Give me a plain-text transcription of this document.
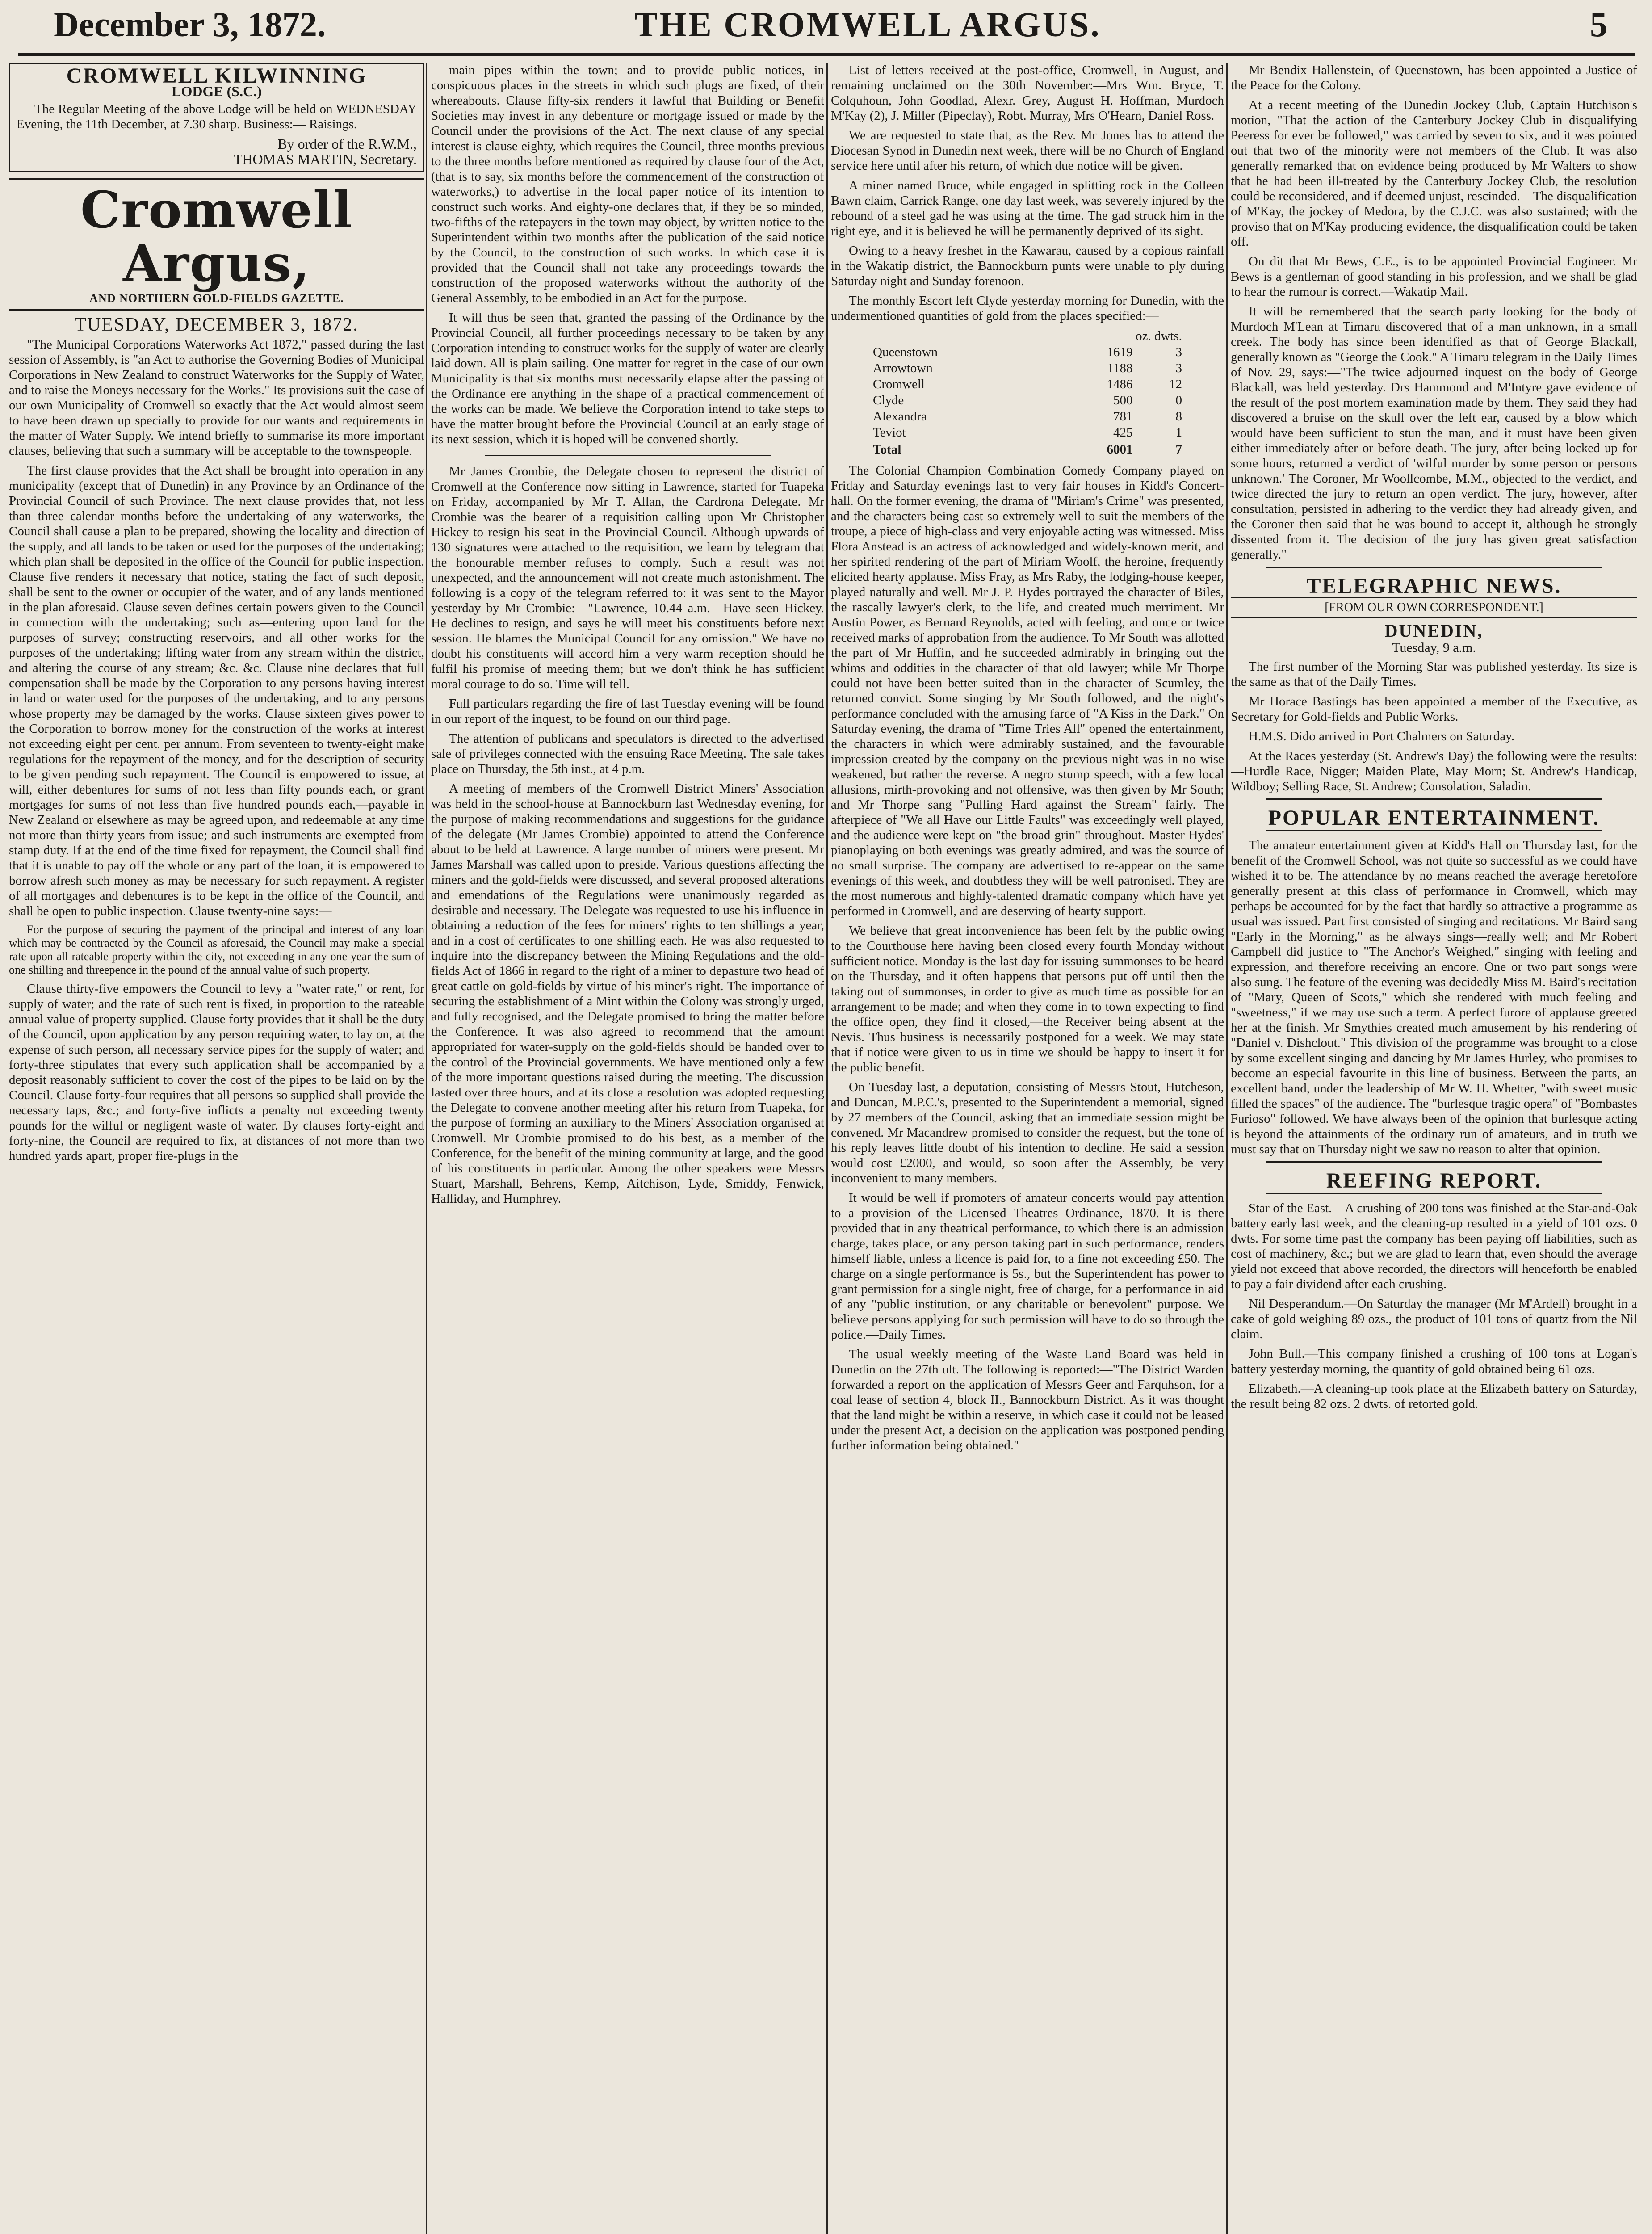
December 3, 1872.	THE CROMWELL ARGUS.	5
CROMWELL KILWINNING
LODGE (S.C.)

The Regular Meeting of the above Lodge will be held on WEDNESDAY Evening, the 11th December, at 7.30 sharp. Business:— Raisings.

By order of the R.W.M.,
THOMAS MARTIN, Secretary.
Cromwell Argus,
AND NORTHERN GOLD-FIELDS GAZETTE.
TUESDAY, DECEMBER 3, 1872.

"The Municipal Corporations Waterworks Act 1872," passed during the last session of Assembly, is "an Act to authorise the Governing Bodies of Municipal Corporations in New Zealand to construct Waterworks for the Supply of Water, and to raise the Moneys necessary for the Works." Its provisions suit the case of our own Municipality of Cromwell so exactly that the Act would almost seem to have been drawn up specially to provide for our wants and requirements in the matter of Water Supply. We intend briefly to summarise its more important clauses, believing that such a summary will be acceptable to the townspeople.

The first clause provides that the Act shall be brought into operation in any municipality (except that of Dunedin) in any Province by an Ordinance of the Provincial Council of such Province. The next clause provides that, not less than three calendar months before the undertaking of any waterworks, the Council shall cause a plan to be prepared, showing the locality and direction of the supply, and all lands to be taken or used for the purposes of the undertaking; which plan shall be deposited in the office of the Council for public inspection. Clause five renders it necessary that notice, stating the fact of such deposit, shall be sent to the owner or occupier of the water, and of any lands mentioned in the plan aforesaid. Clause seven defines certain powers given to the Council in connection with the undertaking; such as—entering upon land for the purposes of survey; constructing reservoirs, and all other works for the purposes of the undertaking; lifting water from any stream within the district, and altering the course of any stream; &c. &c. Clause nine declares that full compensation shall be made by the Corporation to any persons having interest in land or water used for the purposes of the undertaking, and to any persons whose property may be damaged by the works. Clause sixteen gives power to the Corporation to borrow money for the construction of the works at interest not exceeding eight per cent. per annum. From seventeen to twenty-eight make regulations for the repayment of the money, and for the description of security to be given pending such repayment. The Council is empowered to issue, at will, either debentures for sums of not less than fifty pounds each, or grant mortgages for sums of not less than five hundred pounds each,—payable in New Zealand or elsewhere as may be agreed upon, and redeemable at any time not more than thirty years from issue; and such instruments are exempted from stamp duty. If at the end of the time fixed for repayment, the Council shall find that it is unable to pay off the whole or any part of the loan, it is empowered to borrow afresh such money as may be necessary for such repayment. A register of all mortgages and debentures is to be kept in the office of the Council, and shall be open to public inspection. Clause twenty-nine says:—

For the purpose of securing the payment of the principal and interest of any loan which may be contracted by the Council as aforesaid, the Council may make a special rate upon all rateable property within the city, not exceeding in any one year the sum of one shilling and threepence in the pound of the annual value of such property.

Clause thirty-five empowers the Council to levy a "water rate," or rent, for supply of water; and the rate of such rent is fixed, in proportion to the rateable annual value of property supplied. Clause forty provides that it shall be the duty of the Council, upon application by any person requiring water, to lay on, at the expense of such person, all necessary service pipes for the supply of water; and forty-three stipulates that every such application shall be accompanied by a deposit reasonably sufficient to cover the cost of the pipes to be laid on by the Council. Clause forty-four requires that all persons so supplied shall provide the necessary taps, &c.; and forty-five inflicts a penalty not exceeding twenty pounds for the wilful or negligent waste of water. By clauses forty-eight and forty-nine, the Council are required to fix, at distances of not more than two hundred yards apart, proper fire-plugs in the

main pipes within the town; and to provide public notices, in conspicuous places in the streets in which such plugs are fixed, of their whereabouts. Clause fifty-six renders it lawful that Building or Benefit Societies may invest in any debenture or mortgage issued or made by the Council under the provisions of the Act. The next clause of any special interest is clause eighty, which requires the Council, three months previous to the three months before mentioned as required by clause four of the Act, (that is to say, six months before the commencement of the construction of waterworks,) to advertise in the local paper notice of its intention to construct such works. And eighty-one declares that, if they be so minded, two-fifths of the ratepayers in the town may object, by written notice to the Superintendent within two months after the publication of the said notice by the Council, to the construction of such works. In which case it is provided that the Council shall not take any proceedings towards the construction of the proposed waterworks without the authority of the General Assembly, to be embodied in an Act for the purpose.

It will thus be seen that, granted the passing of the Ordinance by the Provincial Council, all further proceedings necessary to be taken by any Corporation intending to construct works for the supply of water are clearly laid down. All is plain sailing. One matter for regret in the case of our own Municipality is that six months must necessarily elapse after the passing of the Ordinance ere anything in the shape of a practical commencement of the works can be made. We believe the Corporation intend to take steps to have the matter brought before the Provincial Council at an early stage of its next session, which it is hoped will be convened shortly.

Mr James Crombie, the Delegate chosen to represent the district of Cromwell at the Conference now sitting in Lawrence, started for Tuapeka on Friday, accompanied by Mr T. Allan, the Cardrona Delegate. Mr Crombie was the bearer of a requisition calling upon Mr Christopher Hickey to resign his seat in the Provincial Council. Although upwards of 130 signatures were attached to the requisition, we learn by telegram that the honourable member refuses to comply. Such a result was not unexpected, and the announcement will not create much astonishment. The following is a copy of the telegram referred to: it was sent to the Mayor yesterday by Mr Crombie:—"Lawrence, 10.44 a.m.—Have seen Hickey. He declines to resign, and says he will meet his constituents before next session. He blames the Municipal Council for any omission." We have no doubt his constituents will accord him a very warm reception should he fulfil his promise of meeting them; but we don't think he has sufficient moral courage to do so. Time will tell.

Full particulars regarding the fire of last Tuesday evening will be found in our report of the inquest, to be found on our third page.

The attention of publicans and speculators is directed to the advertised sale of privileges connected with the ensuing Race Meeting. The sale takes place on Thursday, the 5th inst., at 4 p.m.

A meeting of members of the Cromwell District Miners' Association was held in the school-house at Bannockburn last Wednesday evening, for the purpose of making recommendations and suggestions for the guidance of the delegate (Mr James Crombie) appointed to attend the Conference about to be held at Lawrence. A large number of miners were present. Mr James Marshall was called upon to preside. Various questions affecting the miners and the gold-fields were discussed, and several proposed alterations and emendations of the Regulations were unanimously regarded as desirable and necessary. The Delegate was requested to use his influence in obtaining a reduction of the fees for miners' rights to ten shillings a year, and in a cost of certificates to one shilling each. He was also requested to inquire into the discrepancy between the Mining Regulations and the old-fields Act of 1866 in regard to the right of a miner to depasture two head of great cattle on gold-fields by virtue of his miner's right. The importance of securing the establishment of a Mint within the Colony was strongly urged, and fully recognised, and the Delegate promised to bring the matter before the Conference. It was also agreed to recommend that the amount appropriated for water-supply on the gold-fields should be handed over to the control of the Provincial governments. We have mentioned only a few of the more important questions raised during the meeting. The discussion lasted over three hours, and at its close a resolution was adopted requesting the Delegate to convene another meeting after his return from Tuapeka, for the purpose of forming an auxiliary to the Miners' Association organised at Cromwell. Mr Crombie promised to do his best, as a member of the Conference, for the benefit of the mining community at large, and the good of his constituents in particular. Among the other speakers were Messrs Stuart, Marshall, Behrens, Kemp, Aitchison, Lyde, Smiddy, Fenwick, Halliday, and Humphrey.

List of letters received at the post-office, Cromwell, in August, and remaining unclaimed on the 30th November:—Mrs Wm. Bryce, T. Colquhoun, John Goodlad, Alexr. Grey, August H. Hoffman, Murdoch M'Kay (2), J. Miller (Pipeclay), Robt. Murray, Mrs O'Hearn, Daniel Ross.

We are requested to state that, as the Rev. Mr Jones has to attend the Diocesan Synod in Dunedin next week, there will be no Church of England service here until after his return, of which due notice will be given.

A miner named Bruce, while engaged in splitting rock in the Colleen Bawn claim, Carrick Range, one day last week, was severely injured by the rebound of a steel gad he was using at the time. The gad struck him in the right eye, and it is believed he will be permanently deprived of its sight.

Owing to a heavy freshet in the Kawarau, caused by a copious rainfall in the Wakatip district, the Bannockburn punts were unable to ply during Saturday night and Sunday forenoon.

The monthly Escort left Clyde yesterday morning for Dunedin, with the undermentioned quantities of gold from the places specified:—

	oz. dwts.	
Queenstown	1619	3
Arrowtown	1188	3
Cromwell	1486	12
Clyde	500	0
Alexandra	781	8
Teviot	425	1
Total	6001	7

The Colonial Champion Combination Comedy Company played on Friday and Saturday evenings last to very fair houses in Kidd's Concert-hall. On the former evening, the drama of "Miriam's Crime" was presented, and the characters being cast so extremely well to suit the members of the troupe, a piece of high-class and very enjoyable acting was witnessed. Miss Flora Anstead is an actress of acknowledged and widely-known merit, and her spirited rendering of the part of Miriam Woolf, the heroine, frequently elicited hearty applause. Miss Fray, as Mrs Raby, the lodging-house keeper, played naturally and well. Mr J. P. Hydes portrayed the character of Biles, the rascally lawyer's clerk, to the life, and created much merriment. Mr Austin Power, as Bernard Reynolds, acted with feeling, and once or twice received marks of approbation from the audience. To Mr South was allotted the part of Mr Huffin, and he succeeded admirably in bringing out the whims and oddities in the character of that old lawyer; while Mr Thorpe could not have been better suited than in the character of Scumley, the returned convict. Some singing by Mr South followed, and the night's performance concluded with the amusing farce of "A Kiss in the Dark." On Saturday evening, the drama of "Time Tries All" opened the entertainment, the characters in which were admirably sustained, and the favourable impression created by the company on the previous night was in no wise weakened, but rather the reverse. A negro stump speech, with a few local allusions, mirth-provoking and not offensive, was then given by Mr South; and Mr Thorpe sang "Pulling Hard against the Stream" fairly. The afterpiece of "We all Have our Little Faults" was exceedingly well played, and the audience were kept on "the broad grin" throughout. Master Hydes' pianoplaying on both evenings was greatly admired, and was the source of no small surprise. The company are advertised to re-appear on the same evenings of this week, and doubtless they will be well patronised. They are the most numerous and highly-talented dramatic company which have yet performed in Cromwell, and are deserving of hearty support.

We believe that great inconvenience has been felt by the public owing to the Courthouse here having been closed every fourth Monday without sufficient notice. Monday is the last day for issuing summonses to be heard on the Thursday, and it often happens that persons put off until then the taking out of summonses, in order to give as much time as possible for an arrangement to be made; and when they come in to town expecting to find the office open, they find it closed,—the Receiver being absent at the Nevis. Thus business is necessarily postponed for a week. We may state that if notice were given to us in time we should be happy to insert it for the public benefit.

On Tuesday last, a deputation, consisting of Messrs Stout, Hutcheson, and Duncan, M.P.C.'s, presented to the Superintendent a memorial, signed by 27 members of the Council, asking that an immediate session might be convened. Mr Macandrew promised to consider the request, but the tone of his reply leaves little doubt of his intention to decline. He said a session would cost £2000, and would, so soon after the Assembly, be very inconvenient to many members.

It would be well if promoters of amateur concerts would pay attention to a provision of the Licensed Theatres Ordinance, 1870. It is there provided that in any theatrical performance, to which there is an admission charge, takes place, or any person taking part in such performance, renders himself liable, unless a licence is paid for, to a fine not exceeding £50. The charge on a single performance is 5s., but the Superintendent has power to grant permission for a single night, free of charge, for a performance in aid of any "public institution, or any charitable or benevolent" purpose. We believe persons applying for such permission will have to do so through the police.—Daily Times.

The usual weekly meeting of the Waste Land Board was held in Dunedin on the 27th ult. The following is reported:—"The District Warden forwarded a report on the application of Messrs Geer and Farquhson, for a coal lease of section 4, block II., Bannockburn District. As it was thought that the land might be within a reserve, in which case it could not be leased under the present Act, a decision on the application was postponed pending further information being obtained."

Mr Bendix Hallenstein, of Queenstown, has been appointed a Justice of the Peace for the Colony.

At a recent meeting of the Dunedin Jockey Club, Captain Hutchison's motion, "That the action of the Canterbury Jockey Club in disqualifying Peeress for ever be followed," was carried by seven to six, and it was pointed out that two of the minority were not members of the Club. It was also generally remarked that on evidence being produced by Mr Walters to show that he had been ill-treated by the Canterbury Jockey Club, the resolution could be reconsidered, and if deemed unjust, rescinded.—The disqualification of M'Kay, the jockey of Medora, by the C.J.C. was also sustained; with the proviso that on M'Kay producing evidence, the disqualification could be taken off.

On dit that Mr Bews, C.E., is to be appointed Provincial Engineer. Mr Bews is a gentleman of good standing in his profession, and we shall be glad to hear the rumour is correct.—Wakatip Mail.

It will be remembered that the search party looking for the body of Murdoch M'Lean at Timaru discovered that of a man unknown, in a small creek. The body has since been identified as that of George Blackall, generally known as "George the Cook." A Timaru telegram in the Daily Times of Nov. 29, says:—"The twice adjourned inquest on the body of George Blackall, was held yesterday. Drs Hammond and M'Intyre gave evidence of the result of the post mortem examination made by them. They said they had discovered a bruise on the skull over the left ear, caused by a blow which would have been sufficient to stun the man, and it must have been given either immediately after or before death. The jury, after being locked up for some hours, returned a verdict of 'wilful murder by some person or persons unknown.' The Coroner, Mr Woollcombe, M.M., objected to the verdict, and twice directed the jury to return an open verdict. The jury, however, after consultation, persisted in adhering to the verdict they had already given, and the Coroner then said that he was bound to accept it, although he strongly dissented from it. The decision of the jury has given great satisfaction generally."

TELEGRAPHIC NEWS.
[FROM OUR OWN CORRESPONDENT.]
DUNEDIN,
Tuesday, 9 a.m.

The first number of the Morning Star was published yesterday. Its size is the same as that of the Daily Times.

Mr Horace Bastings has been appointed a member of the Executive, as Secretary for Gold-fields and Public Works.

H.M.S. Dido arrived in Port Chalmers on Saturday.

At the Races yesterday (St. Andrew's Day) the following were the results:—Hurdle Race, Nigger; Maiden Plate, May Morn; St. Andrew's Handicap, Wildboy; Selling Race, St. Andrew; Consolation, Saladin.

POPULAR ENTERTAINMENT.

The amateur entertainment given at Kidd's Hall on Thursday last, for the benefit of the Cromwell School, was not quite so successful as we could have wished it to be. The attendance by no means reached the average heretofore generally present at this class of performance in Cromwell, which may perhaps be accounted for by the fact that hardly so attractive a programme as usual was issued. Part first consisted of singing and recitations. Mr Baird sang "Early in the Morning," as he always sings—really well; and Mr Robert Campbell did justice to "The Anchor's Weighed," singing with feeling and expression, and therefore receiving an encore. One or two part songs were also sung. The feature of the evening was decidedly Miss M. Baird's recitation of "Mary, Queen of Scots," which she rendered with much feeling and "sweetness," if we may use such a term. A perfect furore of applause greeted her at the finish. Mr Smythies created much amusement by his rendering of "Daniel v. Dishclout." This division of the programme was brought to a close by some excellent singing and dancing by Mr James Hurley, who promises to become an especial favourite in this line of business. Between the parts, an excellent band, under the leadership of Mr W. H. Whetter, "with sweet music filled the spaces" of the audience. The "burlesque tragic opera" of "Bombastes Furioso" followed. We have always been of the opinion that burlesque acting is beyond the attainments of the ordinary run of amateurs, and in truth we must say that on Thursday night we saw no reason to alter that opinion.

REEFING REPORT.

Star of the East.—A crushing of 200 tons was finished at the Star-and-Oak battery early last week, and the cleaning-up resulted in a yield of 101 ozs. 0 dwts. For some time past the company has been paying off liabilities, such as cost of machinery, &c.; but we are glad to learn that, even should the average yield not exceed that above recorded, the directors will henceforth be enabled to pay a fair dividend after each crushing.

Nil Desperandum.—On Saturday the manager (Mr M'Ardell) brought in a cake of gold weighing 89 ozs., the product of 101 tons of quartz from the Nil claim.

John Bull.—This company finished a crushing of 100 tons at Logan's battery yesterday morning, the quantity of gold obtained being 61 ozs.

Elizabeth.—A cleaning-up took place at the Elizabeth battery on Saturday, the result being 82 ozs. 2 dwts. of retorted gold.
